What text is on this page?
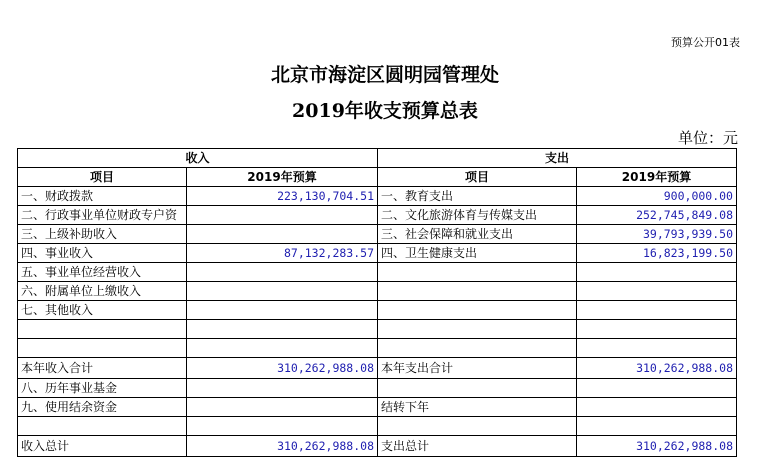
预算公开01表
北京市海淀区圆明园管理处
2019年收支预算总表
单位：元
收入		支出	
项目	2019年预算	项目	2019年预算
一、财政拨款	223,130,704.51	一、教育支出	900,000.00
二、行政事业单位财政专户资		二、文化旅游体育与传媒支出	252,745,849.08
三、上级补助收入		三、社会保障和就业支出	39,793,939.50
四、事业收入	87,132,283.57	四、卫生健康支出	16,823,199.50
五、事业单位经营收入			
六、附属单位上缴收入			
七、其他收入			

本年收入合计	310,262,988.08	本年支出合计	310,262,988.08
八、历年事业基金			
九、使用结余资金		结转下年	

收入总计	310,262,988.08	支出总计	310,262,988.08
